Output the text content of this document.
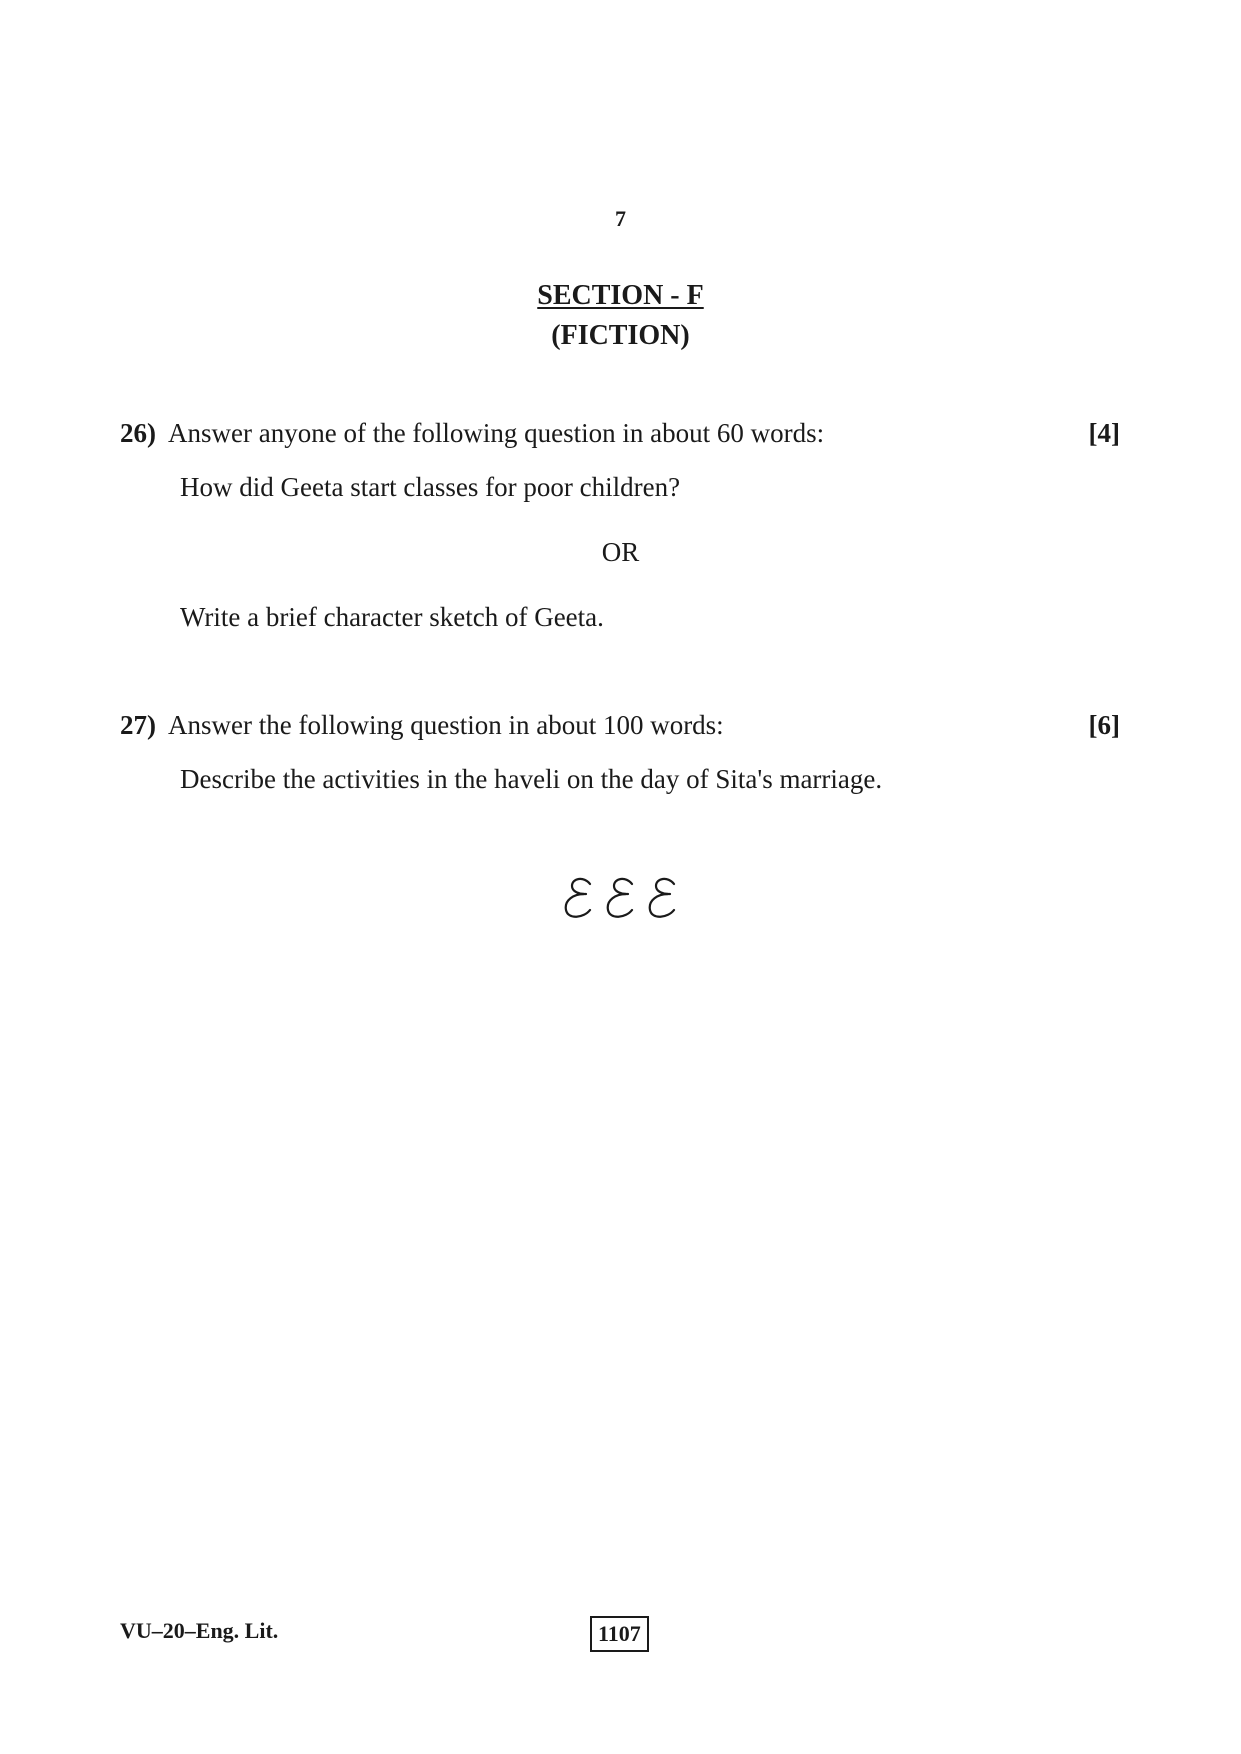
7
SECTION - F
(FICTION)
26) Answer anyone of the following question in about 60 words:	[4]
How did Geeta start classes for poor children?
OR
Write a brief character sketch of Geeta.
27) Answer the following question in about 100 words:	[6]
Describe the activities in the haveli on the day of Sita's marriage.
VU–20–Eng. Lit.	1107
